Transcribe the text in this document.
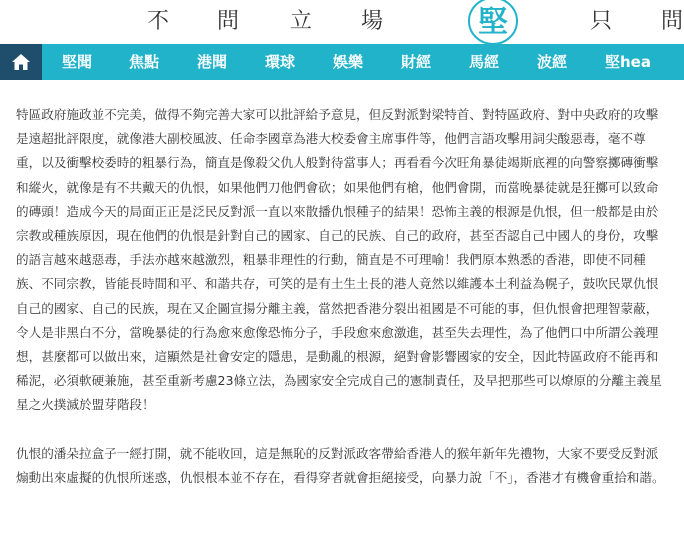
不 問 立 場	堅	只 問
堅聞 焦點	港聞	環球	娛樂	財經	馬經	波經	堅hea

特區政府施政並不完美，做得不夠完善大家可以批評給予意見，但反對派對梁特首、對特區政府、對中央政府的攻擊是遠超批評限度，就像港大副校風波、任命李國章為港大校委會主席事件等，他們言語攻擊用詞尖酸惡毒，毫不尊重，以及衝擊校委時的粗暴行為，簡直是像殺父仇人般對待當事人；再看看今次旺角暴徒竭斯底裡的向警察擲磚衝擊和縱火，就像是有不共戴天的仇恨，如果他們刀他們會砍；如果他們有槍，他們會開，而當晚暴徒就是狂擲可以致命的磚頭！造成今天的局面正正是泛民反對派一直以來散播仇恨種子的結果！恐怖主義的根源是仇恨，但一般都是由於宗教或種族原因，現在他們的仇恨是針對自己的國家、自己的民族、自己的政府，甚至否認自己中國人的身份，攻擊的語言越來越惡毒，手法亦越來越激烈，粗暴非理性的行動，簡直是不可理喻！我們原本熟悉的香港，即使不同種族、不同宗教，皆能長時間和平、和諧共存，可笑的是有土生土長的港人竟然以維護本土利益為幌子，鼓吹民眾仇恨自己的國家、自己的民族，現在又企圖宣揚分離主義，當然把香港分裂出祖國是不可能的事，但仇恨會把理智蒙蔽，令人是非黑白不分，當晚暴徒的行為愈來愈像恐怖分子，手段愈來愈激進，甚至失去理性，為了他們口中所謂公義理想，甚麼都可以做出來，這顯然是社會安定的隱患，是動亂的根源，絕對會影響國家的安全，因此特區政府不能再和稀泥，必須軟硬兼施，甚至重新考慮23條立法，為國家安全完成自己的憲制責任，及早把那些可以燎原的分離主義星星之火撲滅於盟芽階段！

仇恨的潘朵拉盒子一經打開，就不能收回，這是無恥的反對派政客帶給香港人的猴年新年先禮物，大家不要受反對派煽動出來虛擬的仇恨所迷惑，仇恨根本並不存在，看得穿者就會拒絕接受，向暴力說「不」，香港才有機會重拾和諧。
